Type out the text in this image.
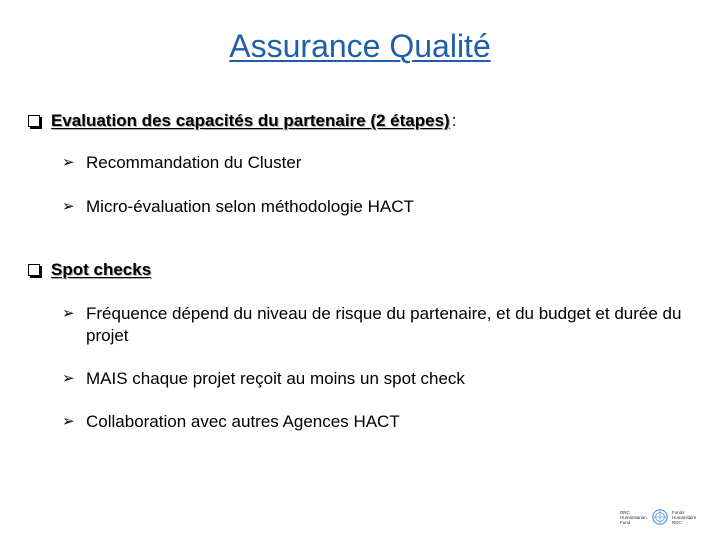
Assurance Qualité
Evaluation des capacités du partenaire (2 étapes) :
➢ Recommandation du Cluster
➢ Micro-évaluation selon méthodologie HACT
Spot checks
➢ Fréquence dépend du niveau de risque du partenaire, et du budget et durée du projet
➢ MAIS chaque projet reçoit au moins un spot check
➢ Collaboration avec autres Agences HACT
DRC
Humanitarian
Fund
Fonds
Humanitaire
RDC
